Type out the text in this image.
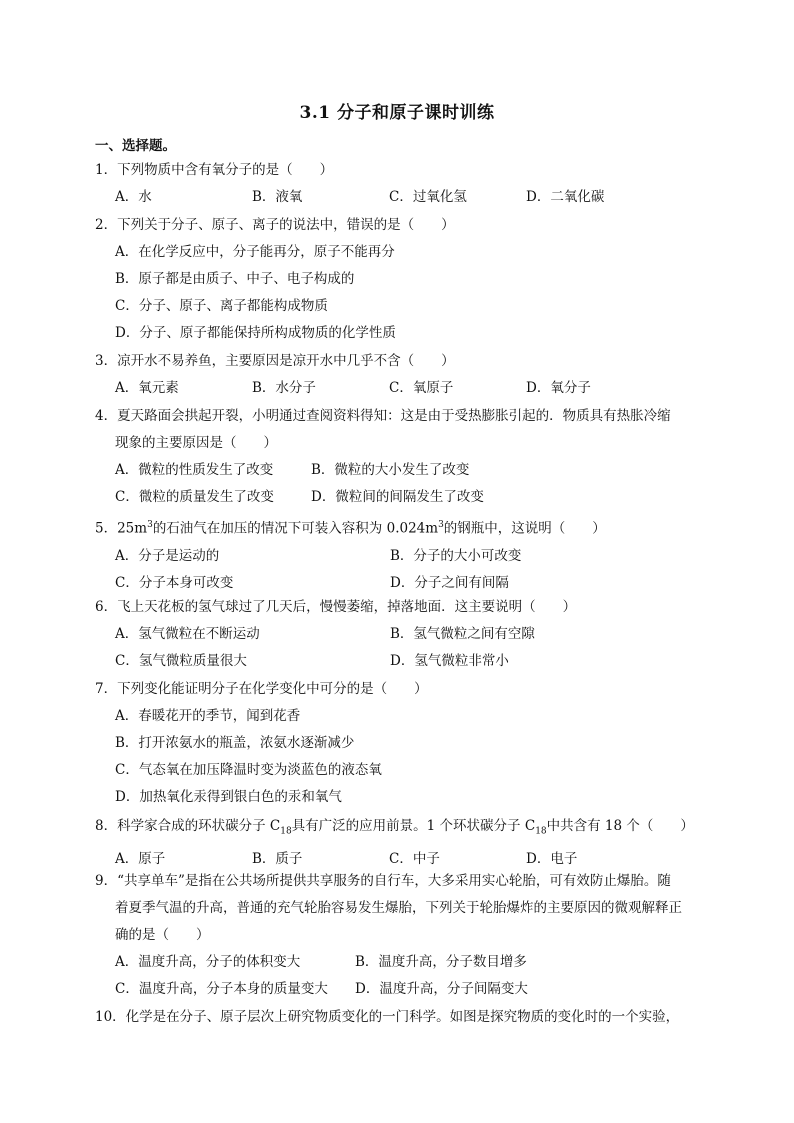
3.1 分子和原子课时训练
一、选择题。
1．下列物质中含有氧分子的是（　　）
A．水	B．液氧	C．过氧化氢	D．二氧化碳
2．下列关于分子、原子、离子的说法中，错误的是（　　）
A．在化学反应中，分子能再分，原子不能再分
B．原子都是由质子、中子、电子构成的
C．分子、原子、离子都能构成物质
D．分子、原子都能保持所构成物质的化学性质
3．凉开水不易养鱼，主要原因是凉开水中几乎不含（　　）
A．氧元素	B．水分子	C．氧原子	D．氧分子
4．夏天路面会拱起开裂，小明通过查阅资料得知：这是由于受热膨胀引起的．物质具有热胀冷缩
现象的主要原因是（　　）
A．微粒的性质发生了改变	B．微粒的大小发生了改变
C．微粒的质量发生了改变	D．微粒间的间隔发生了改变
5．$25m^3$的石油气在加压的情况下可装入容积为 $0.024m^3$的钢瓶中，这说明（　　）
A．分子是运动的	B．分子的大小可改变
C．分子本身可改变	D．分子之间有间隔
6．飞上天花板的氢气球过了几天后，慢慢萎缩，掉落地面．这主要说明（　　）
A．氢气微粒在不断运动	B．氢气微粒之间有空隙
C．氢气微粒质量很大	D．氢气微粒非常小
7．下列变化能证明分子在化学变化中可分的是（　　）
A．春暖花开的季节，闻到花香
B．打开浓氨水的瓶盖，浓氨水逐渐减少
C．气态氧在加压降温时变为淡蓝色的液态氧
D．加热氧化汞得到银白色的汞和氧气
8．科学家合成的环状碳分子 $C_{18}$具有广泛的应用前景。1 个环状碳分子 $C_{18}$中共含有 18 个（　　）
A．原子	B．质子	C．中子	D．电子
9．“共享单车”是指在公共场所提供共享服务的自行车，大多采用实心轮胎，可有效防止爆胎。随
着夏季气温的升高，普通的充气轮胎容易发生爆胎，下列关于轮胎爆炸的主要原因的微观解释正
确的是（　　）
A．温度升高，分子的体积变大	B．温度升高，分子数目增多
C．温度升高，分子本身的质量变大	D．温度升高，分子间隔变大
10．化学是在分子、原子层次上研究物质变化的一门科学。如图是探究物质的变化时的一个实验，
